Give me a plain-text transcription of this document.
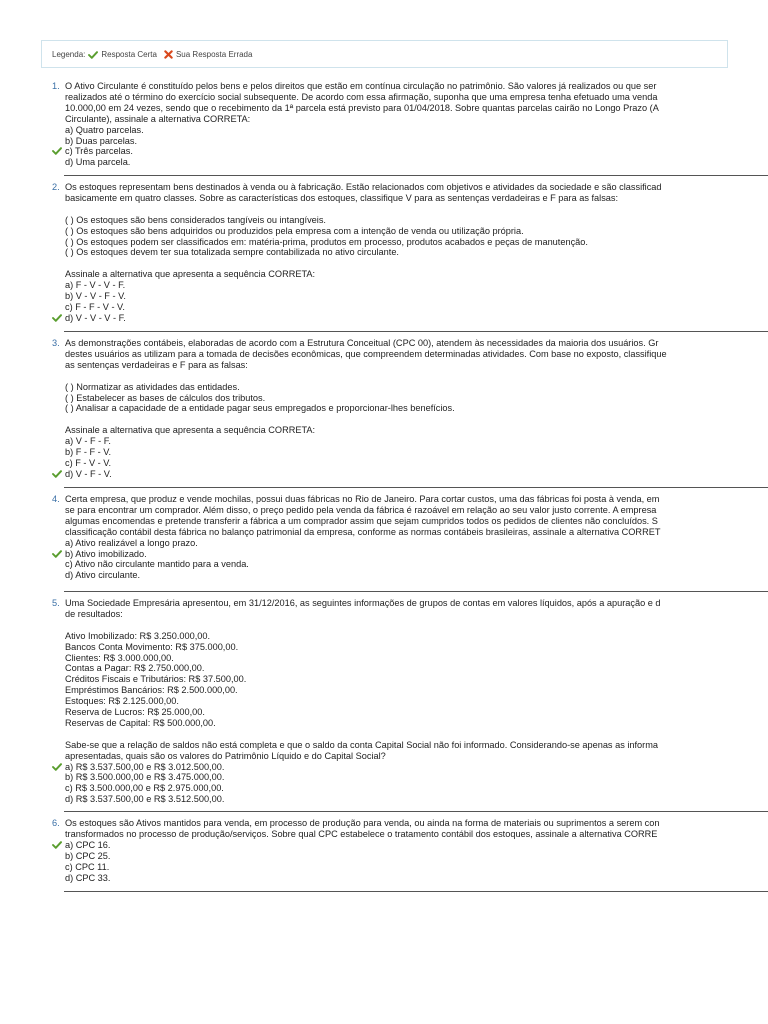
Legenda: Resposta Certa Sua Resposta Errada
1. O Ativo Circulante é constituído pelos bens e pelos direitos que estão em contínua circulação no patrimônio. São valores já realizados ou que ser
realizados até o término do exercício social subsequente. De acordo com essa afirmação, suponha que uma empresa tenha efetuado uma venda
10.000,00 em 24 vezes, sendo que o recebimento da 1ª parcela está previsto para 01/04/2018. Sobre quantas parcelas cairão no Longo Prazo (A
Circulante), assinale a alternativa CORRETA:
a) Quatro parcelas.
b) Duas parcelas.
c) Três parcelas.
d) Uma parcela.
2. Os estoques representam bens destinados à venda ou à fabricação. Estão relacionados com objetivos e atividades da sociedade e são classificad
basicamente em quatro classes. Sobre as características dos estoques, classifique V para as sentenças verdadeiras e F para as falsas:
( ) Os estoques são bens considerados tangíveis ou intangíveis.
( ) Os estoques são bens adquiridos ou produzidos pela empresa com a intenção de venda ou utilização própria.
( ) Os estoques podem ser classificados em: matéria-prima, produtos em processo, produtos acabados e peças de manutenção.
( ) Os estoques devem ter sua totalizada sempre contabilizada no ativo circulante.
Assinale a alternativa que apresenta a sequência CORRETA:
a) F - V - V - F.
b) V - V - F - V.
c) F - F - V - V.
d) V - V - V - F.
3. As demonstrações contábeis, elaboradas de acordo com a Estrutura Conceitual (CPC 00), atendem às necessidades da maioria dos usuários. Gr
destes usuários as utilizam para a tomada de decisões econômicas, que compreendem determinadas atividades. Com base no exposto, classifique
as sentenças verdadeiras e F para as falsas:
( ) Normatizar as atividades das entidades.
( ) Estabelecer as bases de cálculos dos tributos.
( ) Analisar a capacidade de a entidade pagar seus empregados e proporcionar-lhes benefícios.
Assinale a alternativa que apresenta a sequência CORRETA:
a) V - F - F.
b) F - F - V.
c) F - V - V.
d) V - F - V.
4. Certa empresa, que produz e vende mochilas, possui duas fábricas no Rio de Janeiro. Para cortar custos, uma das fábricas foi posta à venda, em
se para encontrar um comprador. Além disso, o preço pedido pela venda da fábrica é razoável em relação ao seu valor justo corrente. A empresa
algumas encomendas e pretende transferir a fábrica a um comprador assim que sejam cumpridos todos os pedidos de clientes não concluídos. S
classificação contábil desta fábrica no balanço patrimonial da empresa, conforme as normas contábeis brasileiras, assinale a alternativa CORRET
a) Ativo realizável a longo prazo.
b) Ativo imobilizado.
c) Ativo não circulante mantido para a venda.
d) Ativo circulante.
5. Uma Sociedade Empresária apresentou, em 31/12/2016, as seguintes informações de grupos de contas em valores líquidos, após a apuração e d
de resultados:
Ativo Imobilizado: R$ 3.250.000,00.
Bancos Conta Movimento: R$ 375.000,00.
Clientes: R$ 3.000.000,00.
Contas a Pagar: R$ 2.750.000,00.
Créditos Fiscais e Tributários: R$ 37.500,00.
Empréstimos Bancários: R$ 2.500.000,00.
Estoques: R$ 2.125.000,00.
Reserva de Lucros: R$ 25.000,00.
Reservas de Capital: R$ 500.000,00.
Sabe-se que a relação de saldos não está completa e que o saldo da conta Capital Social não foi informado. Considerando-se apenas as informa
apresentadas, quais são os valores do Patrimônio Líquido e do Capital Social?
a) R$ 3.537.500,00 e R$ 3.012.500,00.
b) R$ 3.500.000,00 e R$ 3.475.000,00.
c) R$ 3.500.000,00 e R$ 2.975.000,00.
d) R$ 3.537.500,00 e R$ 3.512.500,00.
6. Os estoques são Ativos mantidos para venda, em processo de produção para venda, ou ainda na forma de materiais ou suprimentos a serem con
transformados no processo de produção/serviços. Sobre qual CPC estabelece o tratamento contábil dos estoques, assinale a alternativa CORRE
a) CPC 16.
b) CPC 25.
c) CPC 11.
d) CPC 33.
